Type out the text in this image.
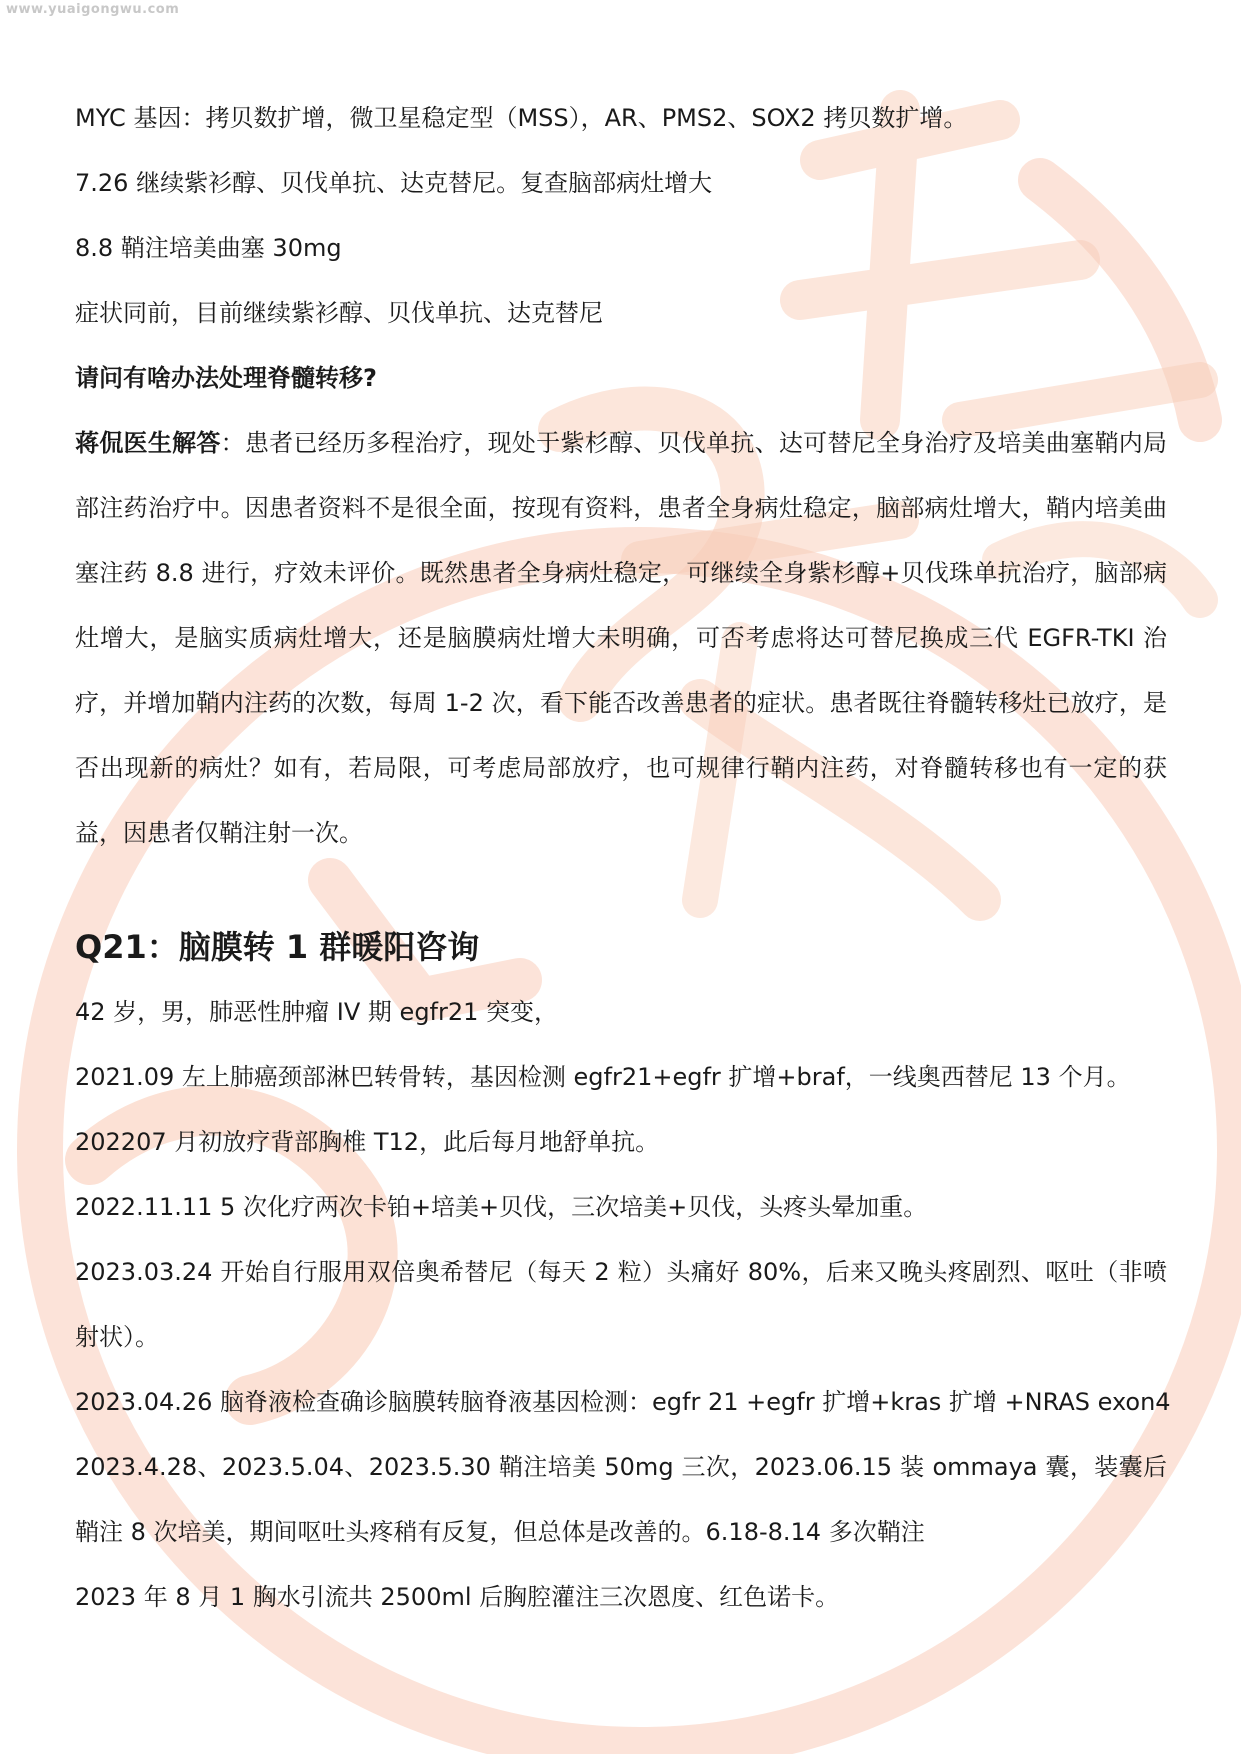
www.yuaigongwu.com
MYC 基因：拷贝数扩增，微卫星稳定型（MSS），AR、PMS2、SOX2 拷贝数扩增。
7.26 继续紫衫醇、贝伐单抗、达克替尼。复查脑部病灶增大
8.8 鞘注培美曲塞 30mg
症状同前，目前继续紫衫醇、贝伐单抗、达克替尼
请问有啥办法处理脊髓转移?
蒋侃医生解答：患者已经历多程治疗，现处于紫杉醇、贝伐单抗、达可替尼全身治疗及培美曲塞鞘内局部注药治疗中。因患者资料不是很全面，按现有资料，患者全身病灶稳定，脑部病灶增大，鞘内培美曲塞注药 8.8 进行，疗效未评价。既然患者全身病灶稳定，可继续全身紫杉醇+贝伐珠单抗治疗，脑部病灶增大，是脑实质病灶增大，还是脑膜病灶增大未明确，可否考虑将达可替尼换成三代 EGFR-TKI 治疗，并增加鞘内注药的次数，每周 1-2 次，看下能否改善患者的症状。患者既往脊髓转移灶已放疗，是否出现新的病灶？如有，若局限，可考虑局部放疗，也可规律行鞘内注药，对脊髓转移也有一定的获益，因患者仅鞘注射一次。
Q21：脑膜转 1 群暖阳咨询
42 岁，男，肺恶性肿瘤 IV 期 egfr21 突变，
2021.09 左上肺癌颈部淋巴转骨转，基因检测 egfr21+egfr 扩增+braf，一线奥西替尼 13 个月。
202207 月初放疗背部胸椎 T12，此后每月地舒单抗。
2022.11.11 5 次化疗两次卡铂+培美+贝伐，三次培美+贝伐，头疼头晕加重。
2023.03.24 开始自行服用双倍奥希替尼（每天 2 粒）头痛好 80%，后来又晚头疼剧烈、呕吐（非喷射状）。
2023.04.26 脑脊液检查确诊脑膜转脑脊液基因检测：egfr 21 +egfr 扩增+kras 扩增 +NRAS exon4
2023.4.28、2023.5.04、2023.5.30 鞘注培美 50mg 三次，2023.06.15 装 ommaya 囊，装囊后鞘注 8 次培美，期间呕吐头疼稍有反复，但总体是改善的。6.18-8.14 多次鞘注
2023 年 8 月 1 胸水引流共 2500ml 后胸腔灌注三次恩度、红色诺卡。
